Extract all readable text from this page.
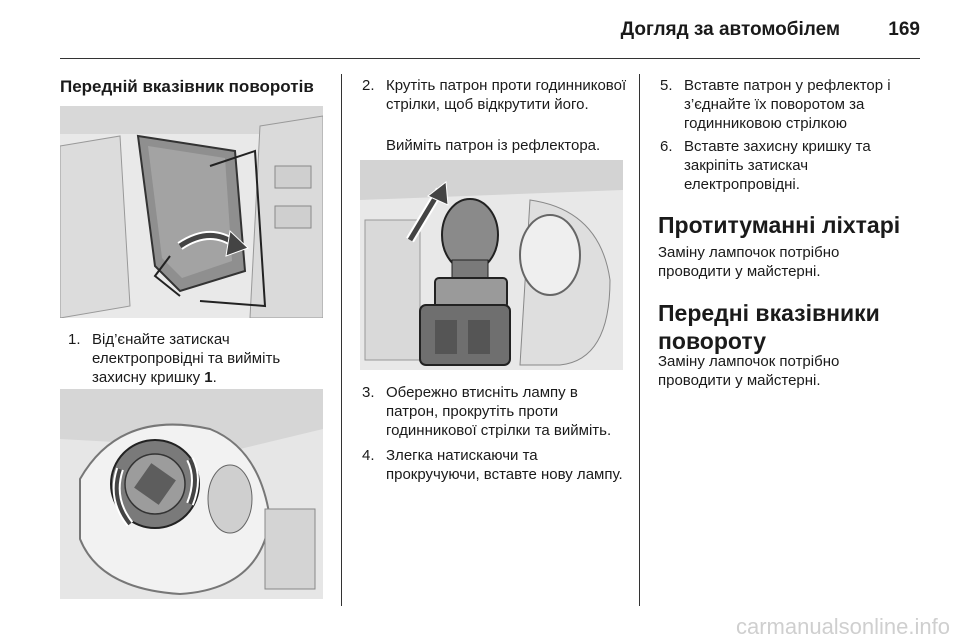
Догляд за автомобілем	169
Передній вказівник поворотів
1. Від’єнайте затискач електропровідні та вийміть захисну кришку 1.
2. Крутіть патрон проти годинникової стрілки, щоб відкрутити його.

Вийміть патрон із рефлектора.

3. Обережно втисніть лампу в патрон, прокрутіть проти годинникової стрілки та вийміть.
4. Злегка натискаючи та прокручуючи, вставте нову лампу.
5. Вставте патрон у рефлектор і з’єднайте їх поворотом за годинниковою стрілкою
6. Вставте захисну кришку та закріпіть затискач електропровідні.
Протитуманні ліхтарі

Заміну лампочок потрібно проводити у майстерні.

Передні вказівники повороту

Заміну лампочок потрібно проводити у майстерні.

carmanualsonline.info
